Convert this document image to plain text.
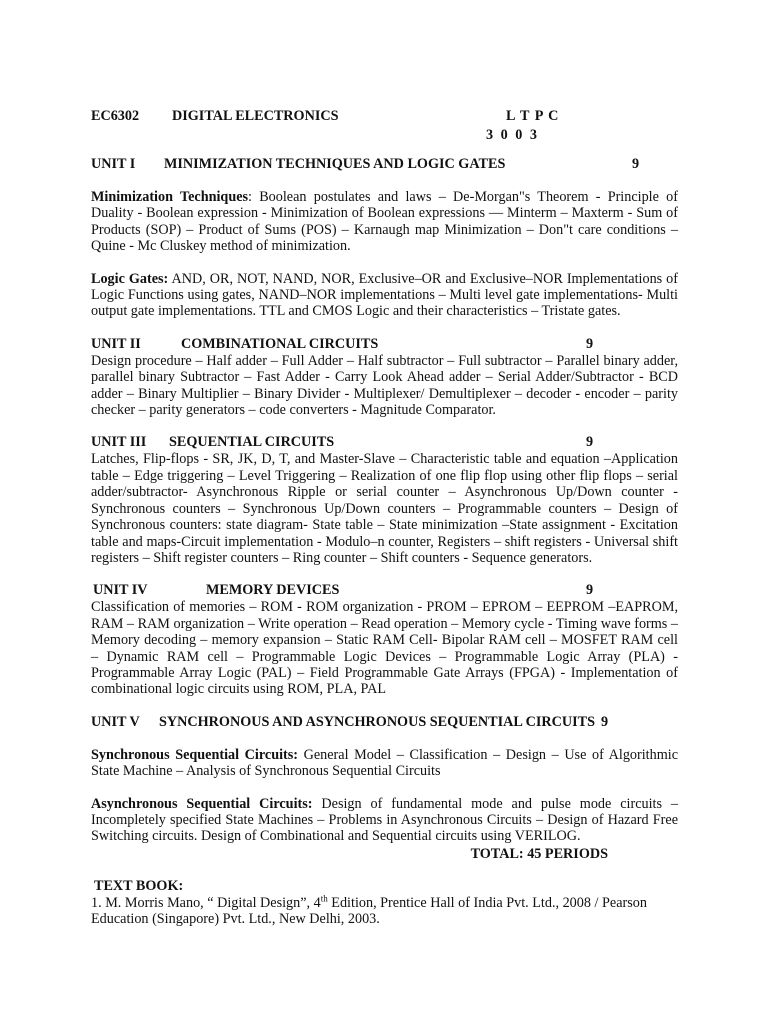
EC6302 DIGITAL ELECTRONICS	L T P C
3 0 0 3
UNIT I MINIMIZATION TECHNIQUES AND LOGIC GATES	9

Minimization Techniques: Boolean postulates and laws – De-Morgan"s Theorem - Principle of Duality - Boolean expression - Minimization of Boolean expressions –– Minterm – Maxterm - Sum of Products (SOP) – Product of Sums (POS) – Karnaugh map Minimization – Don"t care conditions – Quine - Mc Cluskey method of minimization.

Logic Gates: AND, OR, NOT, NAND, NOR, Exclusive–OR and Exclusive–NOR Implementations of Logic Functions using gates, NAND–NOR implementations – Multi level gate implementations- Multi output gate implementations. TTL and CMOS Logic and their characteristics – Tristate gates.

UNIT II	COMBINATIONAL CIRCUITS	9

Design procedure – Half adder – Full Adder – Half subtractor – Full subtractor – Parallel binary adder, parallel binary Subtractor – Fast Adder - Carry Look Ahead adder – Serial Adder/Subtractor - BCD adder – Binary Multiplier – Binary Divider - Multiplexer/ Demultiplexer – decoder - encoder – parity checker – parity generators – code converters - Magnitude Comparator.

UNIT III SEQUENTIAL CIRCUITS	9

Latches, Flip-flops - SR, JK, D, T, and Master-Slave – Characteristic table and equation –Application table – Edge triggering – Level Triggering – Realization of one flip flop using other flip flops – serial adder/subtractor- Asynchronous Ripple or serial counter – Asynchronous Up/Down counter - Synchronous counters – Synchronous Up/Down counters – Programmable counters – Design of Synchronous counters: state diagram- State table – State minimization –State assignment - Excitation table and maps-Circuit implementation - Modulo–n counter, Registers – shift registers - Universal shift registers – Shift register counters – Ring counter – Shift counters - Sequence generators.

UNIT IV	MEMORY DEVICES	9

Classification of memories – ROM - ROM organization - PROM – EPROM – EEPROM –EAPROM, RAM – RAM organization – Write operation – Read operation – Memory cycle - Timing wave forms – Memory decoding – memory expansion – Static RAM Cell- Bipolar RAM cell – MOSFET RAM cell – Dynamic RAM cell – Programmable Logic Devices – Programmable Logic Array (PLA) - Programmable Array Logic (PAL) – Field Programmable Gate Arrays (FPGA) - Implementation of combinational logic circuits using ROM, PLA, PAL

UNIT V SYNCHRONOUS AND ASYNCHRONOUS SEQUENTIAL CIRCUITS 9

Synchronous Sequential Circuits: General Model – Classification – Design – Use of Algorithmic State Machine – Analysis of Synchronous Sequential Circuits

Asynchronous Sequential Circuits: Design of fundamental mode and pulse mode circuits – Incompletely specified State Machines – Problems in Asynchronous Circuits – Design of Hazard Free Switching circuits. Design of Combinational and Sequential circuits using VERILOG.

TOTAL: 45 PERIODS
TEXT BOOK:

1. M. Morris Mano, “ Digital Design”, 4th Edition, Prentice Hall of India Pvt. Ltd., 2008 / Pearson Education (Singapore) Pvt. Ltd., New Delhi, 2003.
